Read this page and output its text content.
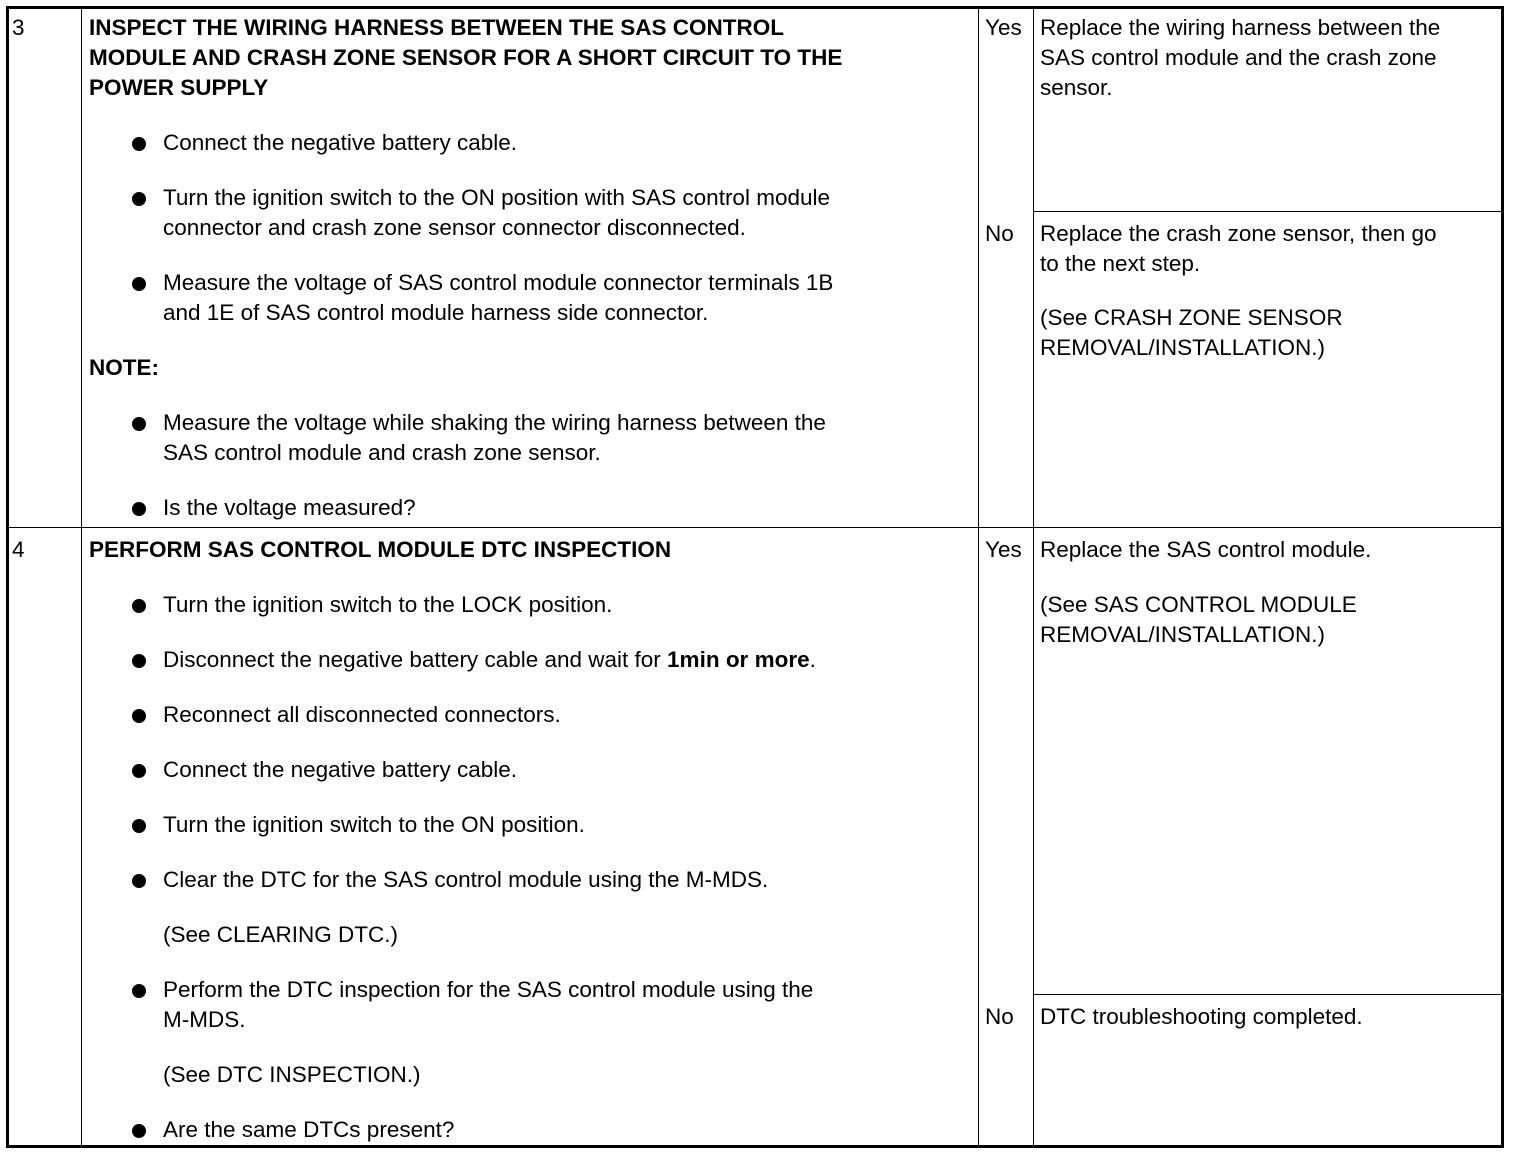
3	INSPECT THE WIRING HARNESS BETWEEN THE SAS CONTROL
MODULE AND CRASH ZONE SENSOR FOR A SHORT CIRCUIT TO THE
POWER SUPPLY
Connect the negative battery cable.
Turn the ignition switch to the ON position with SAS control module
connector and crash zone sensor connector disconnected.
Measure the voltage of SAS control module connector terminals 1B
and 1E of SAS control module harness side connector.
NOTE:
Measure the voltage while shaking the wiring harness between the
SAS control module and crash zone sensor.
Is the voltage measured?
Yes Replace the wiring harness between the
SAS control module and the crash zone
sensor.
No Replace the crash zone sensor, then go
to the next step.
(See CRASH ZONE SENSOR
REMOVAL/INSTALLATION.)
4	PERFORM SAS CONTROL MODULE DTC INSPECTION
Turn the ignition switch to the LOCK position.
Disconnect the negative battery cable and wait for 1min or more.
Reconnect all disconnected connectors.
Connect the negative battery cable.
Turn the ignition switch to the ON position.
Clear the DTC for the SAS control module using the M-MDS.
(See CLEARING DTC.)
Perform the DTC inspection for the SAS control module using the
M-MDS.
(See DTC INSPECTION.)
Are the same DTCs present?
Yes Replace the SAS control module.
(See SAS CONTROL MODULE
REMOVAL/INSTALLATION.)
No DTC troubleshooting completed.
